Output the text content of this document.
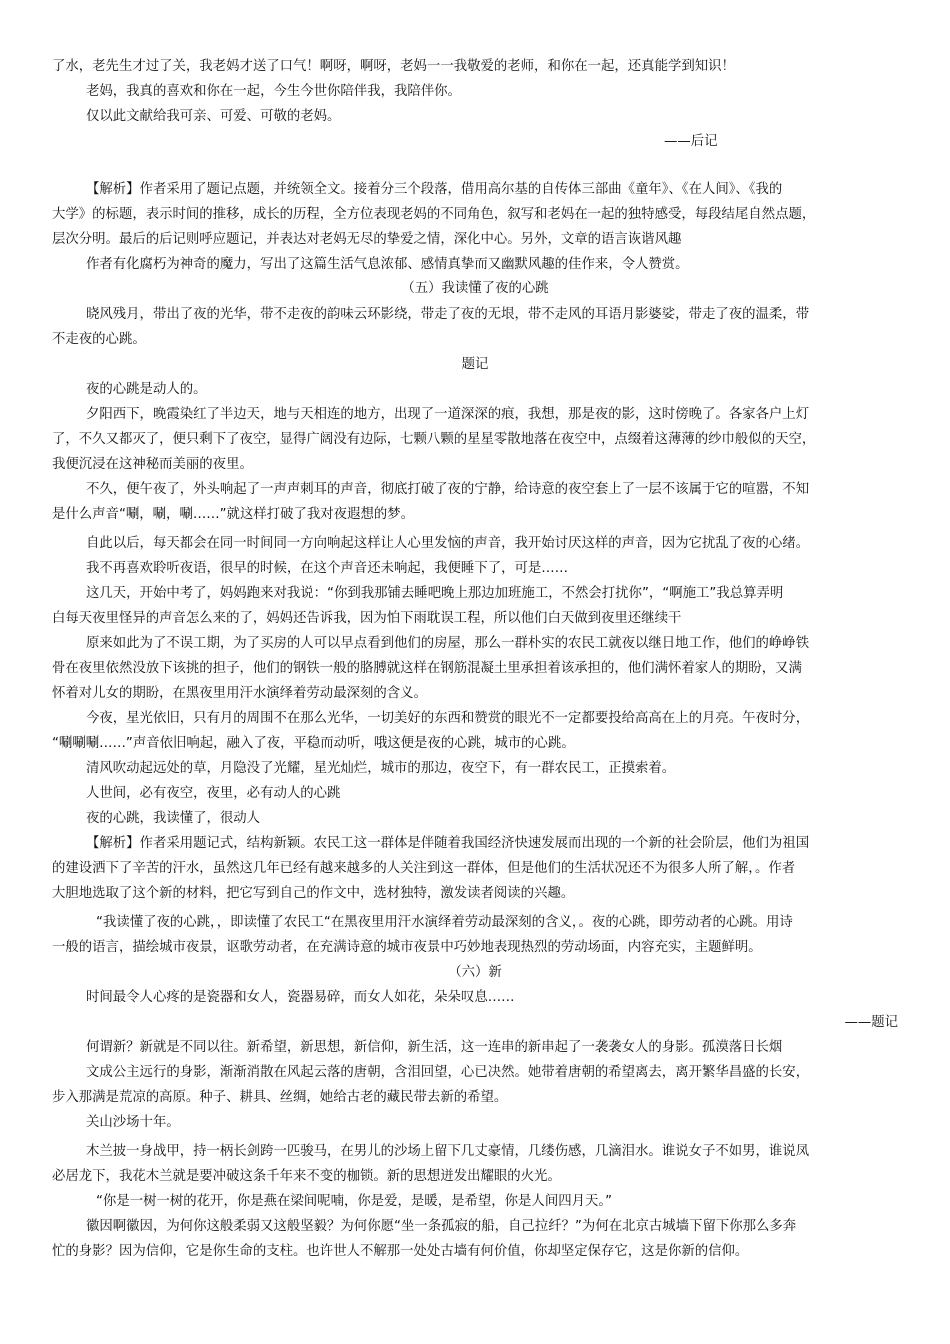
了水，老先生才过了关，我老妈才送了口气！啊呀，啊呀，老妈一一我敬爱的老师，和你在一起，还真能学到知识！
老妈，我真的喜欢和你在一起，今生今世你陪伴我，我陪伴你。
仅以此文献给我可亲、可爱、可敬的老妈。
——后记
【解析】作者采用了题记点题，并统领全文。接着分三个段落，借用高尔基的自传体三部曲《童年》、《在人间》、《我的
大学》的标题，表示时间的推移，成长的历程，全方位表现老妈的不同角色，叙写和老妈在一起的独特感受，每段结尾自然点题，
层次分明。最后的后记则呼应题记，并表达对老妈无尽的挚爱之情，深化中心。另外，文章的语言诙谐风趣
作者有化腐朽为神奇的魔力，写出了这篇生活气息浓郁、感情真挚而又幽默风趣的佳作来，令人赞赏。
（五）我读懂了夜的心跳
晓风残月，带出了夜的光华，带不走夜的韵味云环影绕，带走了夜的无垠，带不走风的耳语月影婆娑，带走了夜的温柔，带
不走夜的心跳。
题记
夜的心跳是动人的。
夕阳西下，晚霞染红了半边天，地与天相连的地方，出现了一道深深的痕，我想，那是夜的影，这时傍晚了。各家各户上灯
了，不久又都灭了，便只剩下了夜空，显得广阔没有边际，七颗八颗的星星零散地落在夜空中，点缀着这薄薄的纱巾般似的天空，
我便沉浸在这神秘而美丽的夜里。
不久，便午夜了，外头响起了一声声刺耳的声音，彻底打破了夜的宁静，给诗意的夜空套上了一层不该属于它的喧嚣，不知
是什么声音“唰，唰，唰……”就这样打破了我对夜遐想的梦。
自此以后，每天都会在同一时间同一方向响起这样让人心里发恼的声音，我开始讨厌这样的声音，因为它扰乱了夜的心绪。
我不再喜欢聆听夜语，很早的时候，在这个声音还未响起，我便睡下了，可是……
这几天，开始中考了，妈妈跑来对我说：“你到我那铺去睡吧晚上那边加班施工，不然会打扰你”，“啊施工”我总算弄明
白每天夜里怪异的声音怎么来的了，妈妈还告诉我，因为怕下雨耽误工程，所以他们白天做到夜里还继续干
原来如此为了不误工期，为了买房的人可以早点看到他们的房屋，那么一群朴实的农民工就夜以继日地工作，他们的峥峥铁
骨在夜里依然没放下该挑的担子，他们的钢铁一般的胳膊就这样在钢筋混凝土里承担着该承担的，他们满怀着家人的期盼，又满
怀着对儿女的期盼，在黑夜里用汗水演绎着劳动最深刻的含义。
今夜，星光依旧，只有月的周围不在那么光华，一切美好的东西和赞赏的眼光不一定都要投给高高在上的月亮。午夜时分，
“唰唰唰……”声音依旧响起，融入了夜，平稳而动听，哦这便是夜的心跳，城市的心跳。
清风吹动起远处的草，月隐没了光耀，星光灿烂，城市的那边，夜空下，有一群农民工，正摸索着。
人世间，必有夜空，夜里，必有动人的心跳
夜的心跳，我读懂了，很动人
【解析】作者采用题记式，结构新颖。农民工这一群体是伴随着我国经济快速发展而出现的一个新的社会阶层，他们为祖国
的建设洒下了辛苦的汗水，虽然这几年已经有越来越多的人关注到这一群体，但是他们的生活状况还不为很多人所了解，。作者
大胆地选取了这个新的材料，把它写到自己的作文中，选材独特，激发读者阅读的兴趣。
“我读懂了夜的心跳，，即读懂了农民工“在黑夜里用汗水演绎着劳动最深刻的含义，。夜的心跳，即劳动者的心跳。用诗
一般的语言，描绘城市夜景，讴歌劳动者，在充满诗意的城市夜景中巧妙地表现热烈的劳动场面，内容充实，主题鲜明。
（六）新
时间最令人心疼的是瓷器和女人，瓷器易碎，而女人如花，朵朵叹息……
——题记
何谓新？新就是不同以往。新希望，新思想，新信仰，新生活，这一连串的新串起了一袭袭女人的身影。孤漠落日长烟
文成公主远行的身影，渐渐消散在风起云落的唐朝，含泪回望，心已决然。她带着唐朝的希望离去，离开繁华昌盛的长安，
步入那满是荒凉的高原。种子、耕具、丝绸，她给古老的藏民带去新的希望。
关山沙场十年。
木兰披一身战甲，持一柄长剑跨一匹骏马，在男儿的沙场上留下几丈豪情，几缕伤感，几滴泪水。谁说女子不如男，谁说凤
必居龙下，我花木兰就是要冲破这条千年来不变的枷锁。新的思想迸发出耀眼的火光。
“你是一树一树的花开，你是燕在梁间呢喃，你是爱，是暖，是希望，你是人间四月天。”
徽因啊徽因，为何你这般柔弱又这般坚毅？为何你愿“坐一条孤寂的船，自己拉纤？”为何在北京古城墙下留下你那么多奔
忙的身影？因为信仰，它是你生命的支柱。也许世人不解那一处处古墙有何价值，你却坚定保存它，这是你新的信仰。
